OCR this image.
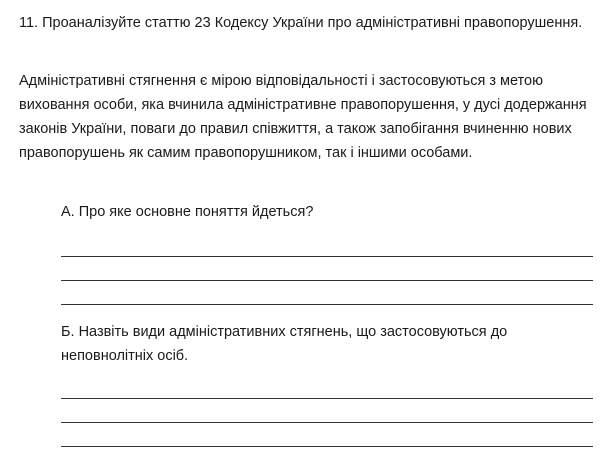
11. Проаналізуйте статтю 23 Кодексу України про адміністративні правопорушення.

Адміністративні стягнення є мірою відповідальності і застосовуються з метою виховання особи, яка вчинила адміністративне правопорушення, у дусі додержання законів України, поваги до правил співжиття, а також запобігання вчиненню нових правопорушень як самим правопорушником, так і іншими особами.

А. Про яке основне поняття йдеться?

Б. Назвіть види адміністративних стягнень, що застосовуються до неповнолітніх осіб.
